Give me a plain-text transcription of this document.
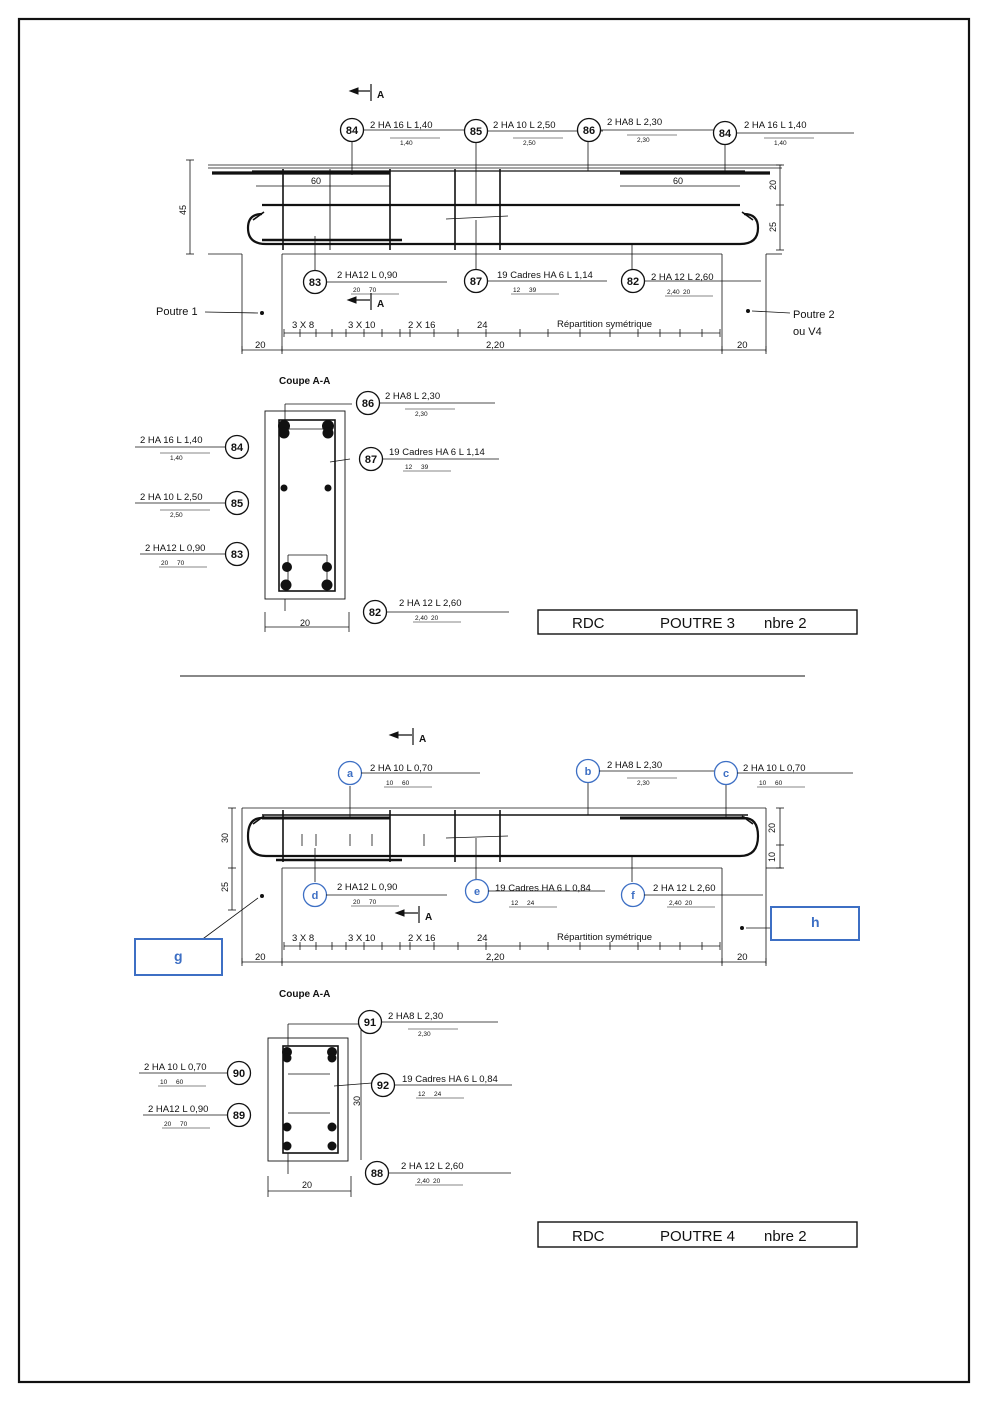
A
A
45
20
25
60	60
Poutre 1	Poutre 2
ou V4
3 X 8	3 X 10	2 X 16	24	Répartition symétrique
20	2,20	20
84 2 HA 16 L 1,40
1,40
85
2 HA 10 L 2,50
2,50
86
2 HA8 L 2,30
2,30
84
2 HA 16 L 1,40
1,40
83
2 HA12 L 0,90
20 70
87
19 Cadres HA 6 L 1,14
12 39
82 2 HA 12 L 2,60
2,40 20
Coupe A-A
20
86
2 HA8 L 2,30
2,30
84
2 HA 16 L 1,40
1,40	87
19 Cadres HA 6 L 1,14
12 39
85
2 HA 10 L 2,50
2,50
83
2 HA12 L 0,90
20 70
82
2 HA 12 L 2,60
2,40 20	RDC	POUTRE 3 nbre 2
A
A
30
25
20
10
3 X 8	3 X 10	2 X 16	24	Répartition symétrique
20	2,20	20
g
h
a 2 HA 10 L 0,70
10 60
b
2 HA8 L 2,30
2,30
c 2 HA 10 L 0,70
10 60
d
2 HA12 L 0,90
20 70
e 19 Cadres HA 6 L 0,84
12 24
f
2 HA 12 L 2,60
2,40 20
Coupe A-A
20
30
91
2 HA8 L 2,30
2,30
90
2 HA 10 L 0,70
10 60	92
19 Cadres HA 6 L 0,84
12 24
89
2 HA12 L 0,90
20 70
88
2 HA 12 L 2,60
2,40 20
RDC	POUTRE 4 nbre 2
